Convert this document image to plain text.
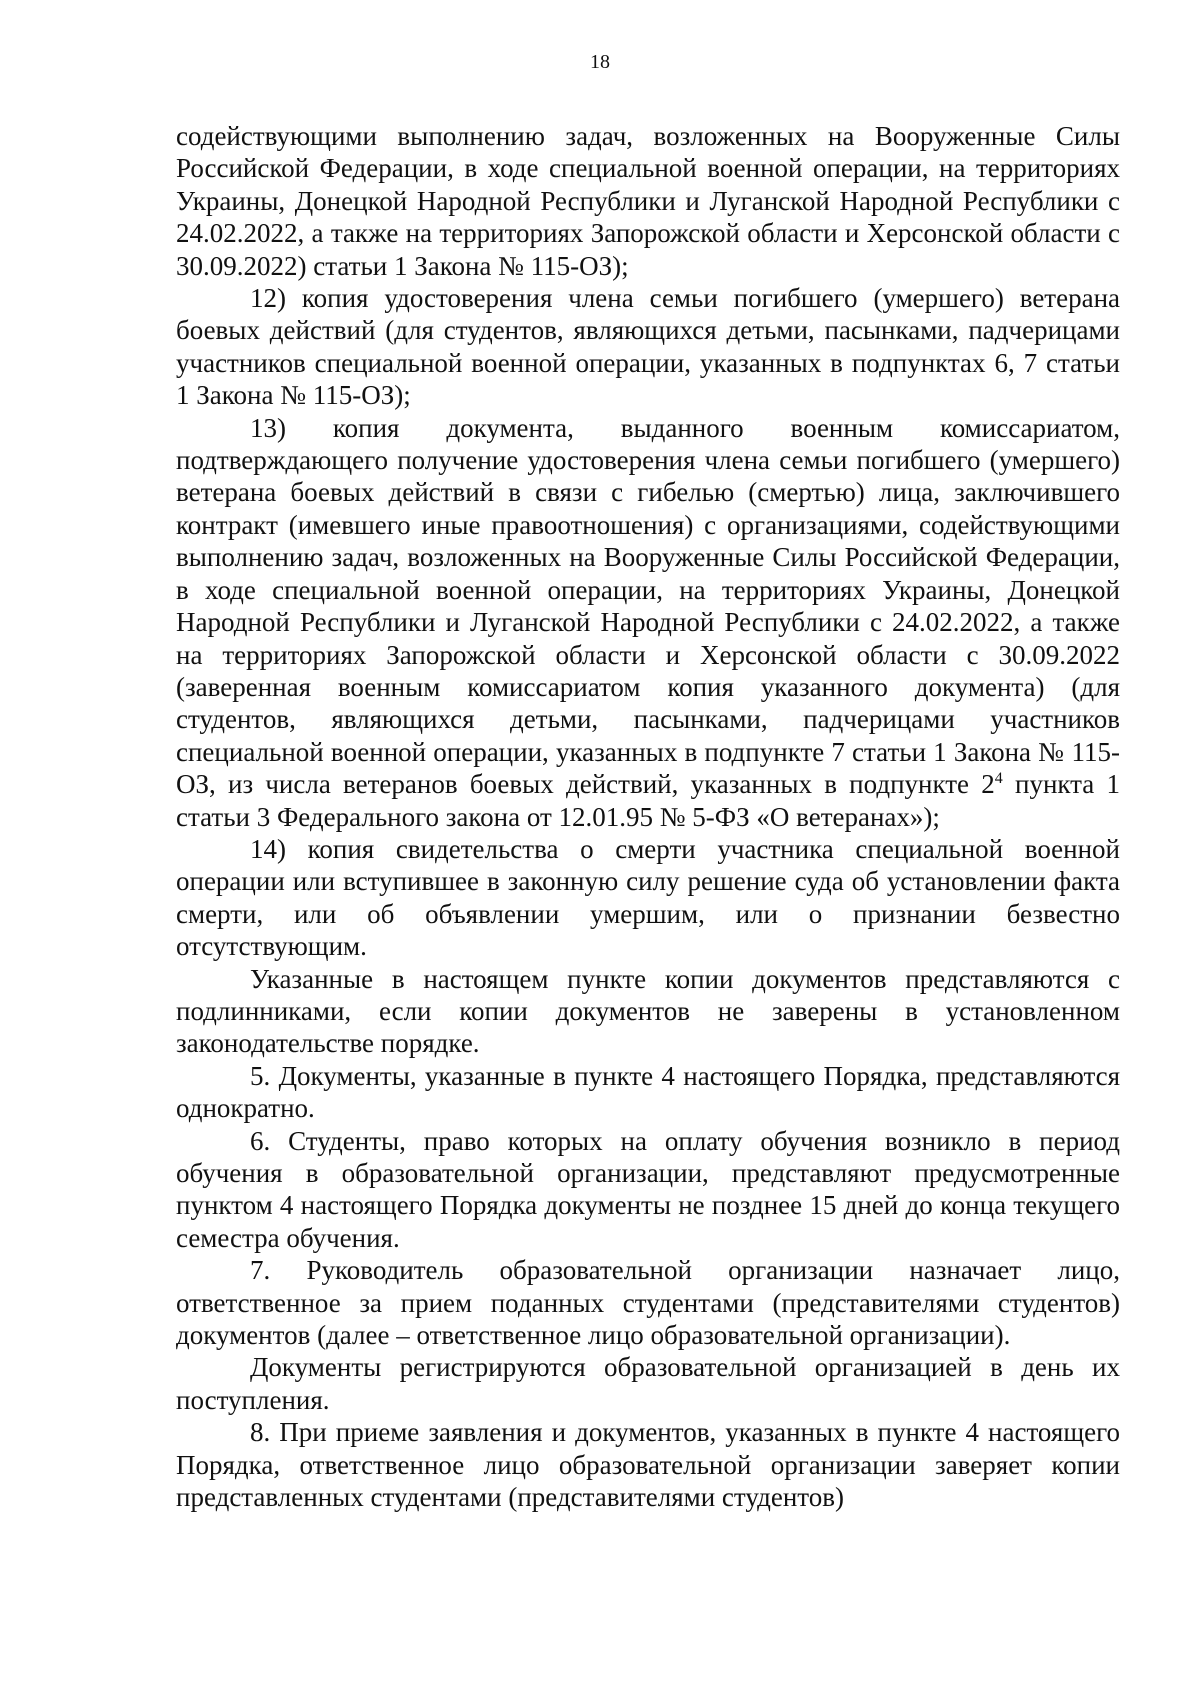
18

содействующими выполнению задач, возложенных на Вооруженные Силы Российской Федерации, в ходе специальной военной операции, на территориях Украины, Донецкой Народной Республики и Луганской Народной Республики с 24.02.2022, а также на территориях Запорожской области и Херсонской области с 30.09.2022) статьи 1 Закона № 115-ОЗ);

12) копия удостоверения члена семьи погибшего (умершего) ветерана боевых действий (для студентов, являющихся детьми, пасынками, падчерицами участников специальной военной операции, указанных в подпунктах 6, 7 статьи 1 Закона № 115-ОЗ);

13) копия документа, выданного военным комиссариатом, подтверждающего получение удостоверения члена семьи погибшего (умершего) ветерана боевых действий в связи с гибелью (смертью) лица, заключившего контракт (имевшего иные правоотношения) с организациями, содействующими выполнению задач, возложенных на Вооруженные Силы Российской Федерации, в ходе специальной военной операции, на территориях Украины, Донецкой Народной Республики и Луганской Народной Республики с 24.02.2022, а также на территориях Запорожской области и Херсонской области с 30.09.2022 (заверенная военным комиссариатом копия указанного документа) (для студентов, являющихся детьми, пасынками, падчерицами участников специальной военной операции, указанных в подпункте 7 статьи 1 Закона № 115-ОЗ, из числа ветеранов боевых действий, указанных в подпункте $2^4$ пункта 1 статьи 3 Федерального закона от 12.01.95 № 5-ФЗ «О ветеранах»);

14) копия свидетельства о смерти участника специальной военной операции или вступившее в законную силу решение суда об установлении факта смерти, или об объявлении умершим, или о признании безвестно отсутствующим.

Указанные в настоящем пункте копии документов представляются с подлинниками, если копии документов не заверены в установленном законодательстве порядке.

5. Документы, указанные в пункте 4 настоящего Порядка, представляются однократно.

6. Студенты, право которых на оплату обучения возникло в период обучения в образовательной организации, представляют предусмотренные пунктом 4 настоящего Порядка документы не позднее 15 дней до конца текущего семестра обучения.

7. Руководитель образовательной организации назначает лицо, ответственное за прием поданных студентами (представителями студентов) документов (далее – ответственное лицо образовательной организации).

Документы регистрируются образовательной организацией в день их поступления.

8. При приеме заявления и документов, указанных в пункте 4 настоящего Порядка, ответственное лицо образовательной организации заверяет копии представленных студентами (представителями студентов)
